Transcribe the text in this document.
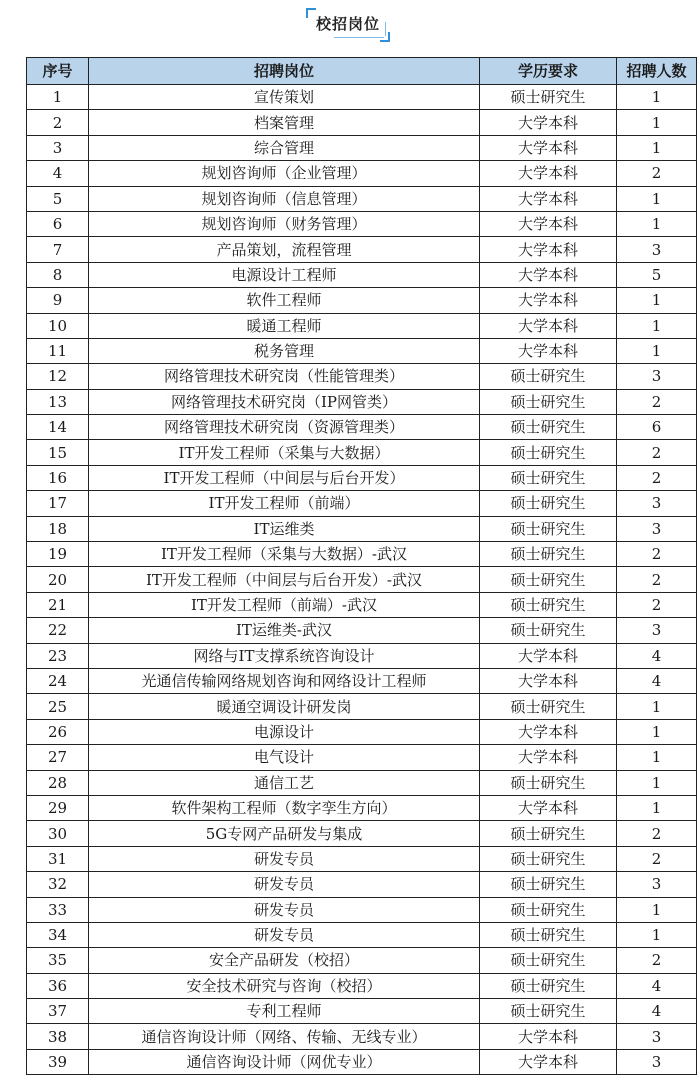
校招岗位
序号	招聘岗位	学历要求	招聘人数
1	宣传策划	硕士研究生	1
2	档案管理	大学本科	1
3	综合管理	大学本科	1
4	规划咨询师（企业管理）	大学本科	2
5	规划咨询师（信息管理）	大学本科	1
6	规划咨询师（财务管理）	大学本科	1
7	产品策划，流程管理	大学本科	3
8	电源设计工程师	大学本科	5
9	软件工程师	大学本科	1
10	暖通工程师	大学本科	1
11	税务管理	大学本科	1
12	网络管理技术研究岗（性能管理类）	硕士研究生	3
13	网络管理技术研究岗（IP网管类）	硕士研究生	2
14	网络管理技术研究岗（资源管理类）	硕士研究生	6
15	IT开发工程师（采集与大数据）	硕士研究生	2
16	IT开发工程师（中间层与后台开发）	硕士研究生	2
17	IT开发工程师（前端）	硕士研究生	3
18	IT运维类	硕士研究生	3
19	IT开发工程师（采集与大数据）-武汉	硕士研究生	2
20	IT开发工程师（中间层与后台开发）-武汉	硕士研究生	2
21	IT开发工程师（前端）-武汉	硕士研究生	2
22	IT运维类-武汉	硕士研究生	3
23	网络与IT支撑系统咨询设计	大学本科	4
24	光通信传输网络规划咨询和网络设计工程师	大学本科	4
25	暖通空调设计研发岗	硕士研究生	1
26	电源设计	大学本科	1
27	电气设计	大学本科	1
28	通信工艺	硕士研究生	1
29	软件架构工程师（数字孪生方向）	大学本科	1
30	5G专网产品研发与集成	硕士研究生	2
31	研发专员	硕士研究生	2
32	研发专员	硕士研究生	3
33	研发专员	硕士研究生	1
34	研发专员	硕士研究生	1
35	安全产品研发（校招）	硕士研究生	2
36	安全技术研究与咨询（校招）	硕士研究生	4
37	专利工程师	硕士研究生	4
38	通信咨询设计师（网络、传输、无线专业）	大学本科	3
39	通信咨询设计师（网优专业）	大学本科	3
